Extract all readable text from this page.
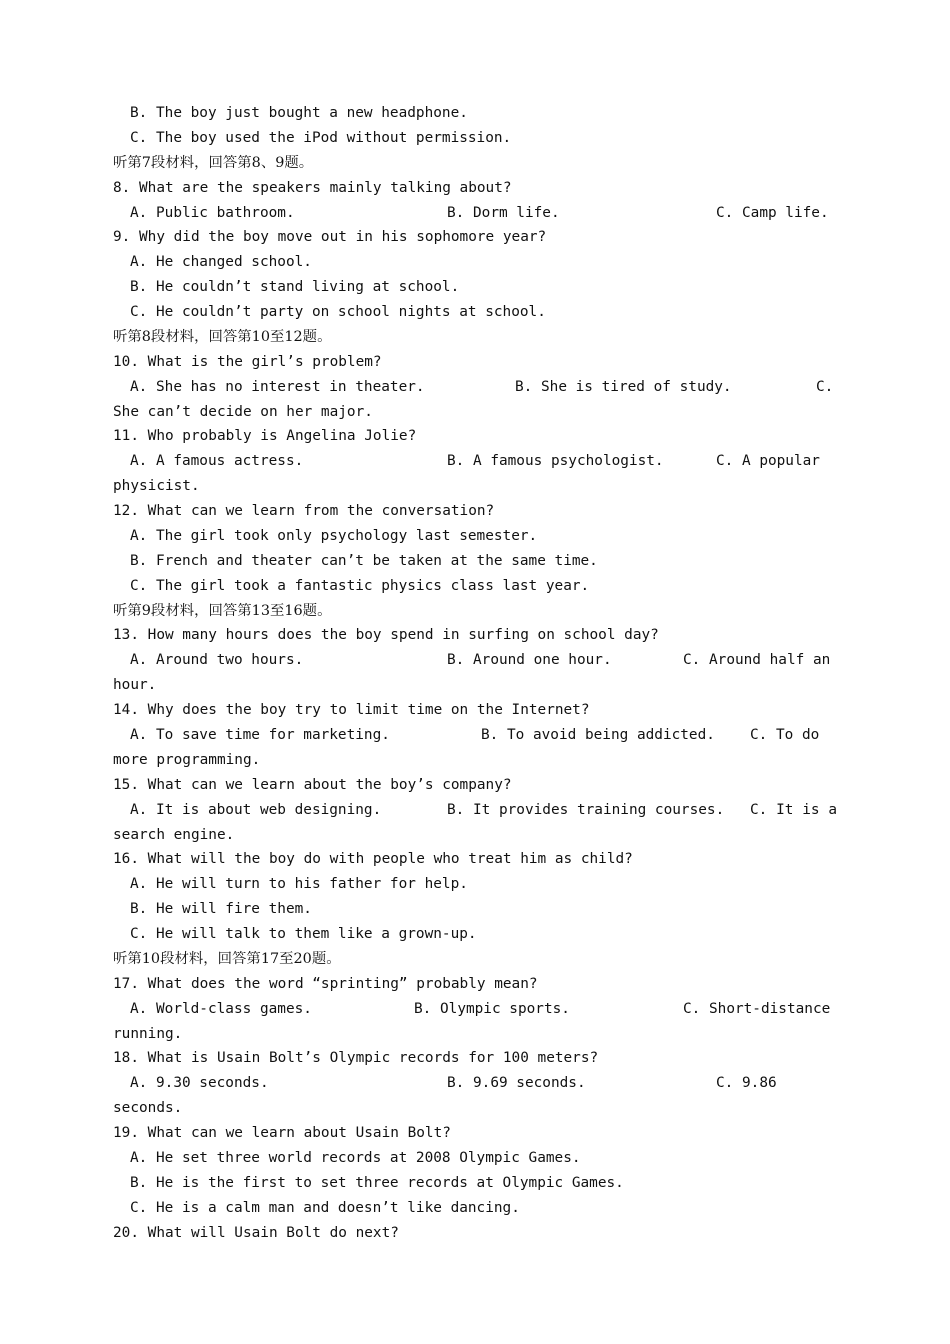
B. The boy just bought a new headphone.
C. The boy used the iPod without permission.
听第7段材料，回答第8、9题。
8. What are the speakers mainly talking about?
A. Public bathroom.	B. Dorm life.	C. Camp life.
9. Why did the boy move out in his sophomore year?
A. He changed school.
B. He couldn’t stand living at school.
C. He couldn’t party on school nights at school.
听第8段材料，回答第10至12题。
10. What is the girl’s problem?
A. She has no interest in theater.	B. She is tired of study.	C.
She can’t decide on her major.
11. Who probably is Angelina Jolie?
A. A famous actress.	B. A famous psychologist.	C. A popular
physicist.
12. What can we learn from the conversation?
A. The girl took only psychology last semester.
B. French and theater can’t be taken at the same time.
C. The girl took a fantastic physics class last year.
听第9段材料，回答第13至16题。
13. How many hours does the boy spend in surfing on school day?
A. Around two hours.	B. Around one hour.	C. Around half an
hour.
14. Why does the boy try to limit time on the Internet?
A. To save time for marketing.	B. To avoid being addicted. C. To do
more programming.
15. What can we learn about the boy’s company?
A. It is about web designing.	B. It provides training courses. C. It is a
search engine.
16. What will the boy do with people who treat him as child?
A. He will turn to his father for help.
B. He will fire them.
C. He will talk to them like a grown-up.
听第10段材料，回答第17至20题。
17. What does the word “sprinting” probably mean?
A. World-class games.	B. Olympic sports.	C. Short-distance
running.
18. What is Usain Bolt’s Olympic records for 100 meters?
A. 9.30 seconds.	B. 9.69 seconds.	C. 9.86
seconds.
19. What can we learn about Usain Bolt?
A. He set three world records at 2008 Olympic Games.
B. He is the first to set three records at Olympic Games.
C. He is a calm man and doesn’t like dancing.
20. What will Usain Bolt do next?
